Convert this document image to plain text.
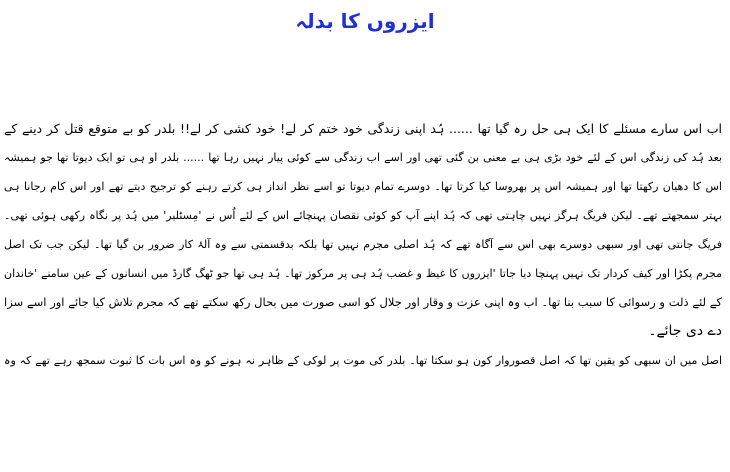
ایزروں کا بدلہ
اب اس سارے مسئلے کا ایک ہی حل رہ گیا تھا ...... ہُد اپنی زندگی خود ختم کر لے! خود کشی کر لے!! بلدر کو بے متوقع قتل کر دینے کے
بعد ہُد کی زندگی اس کے لئے خود بڑی ہی بے معنی بن گئی تھی اور اسے اب زندگی سے کوئی پیار نہیں رہا تھا ...... بلدر او ہی تو ایک دیوتا تھا جو ہمیشہ
اس کا دھیان رکھتا تھا اور ہمیشہ اس پر بھروسا کیا کرتا تھا۔ دوسرے تمام دیوتا تو اسے نظر انداز ہی کرتے رہنے کو ترجیح دیتے تھے اور اس کام رجانا ہی
بہتر سمجھتے تھے۔ لیکن فریگ ہرگز نہیں چاہتی تھی کہ ہُد اپنے آپ کو کوئی نقصان پہنچائے اس کے لئے اُس نے 'مِسٹلیر' میں ہُد پر نگاہ رکھی ہوئی تھی۔
فریگ جانتی تھی اور سبھی دوسرے بھی اس سے آگاہ تھے کہ ہُد اصلی مجرم نہیں تھا بلکہ بدقسمتی سے وہ آلۂ کار ضرور بن گیا تھا۔ لیکن جب تک اصل
مجرم پکڑا اور کیف کردار تک نہیں پہنچا دیا جاتا 'ایزروں کا غیظ و غضب ہُد ہی پر مرکوز تھا۔ ہُد ہی تھا جو ٹھگ گارڈ میں انسانوں کے عین سامنے 'خاندان
کے لئے ذلت و رسوائی کا سبب بنا تھا۔ اب وہ اپنی عزت و وقار اور جلال کو اسی صورت میں بحال رکھ سکتے تھے کہ مجرم تلاش کیا جائے اور اسے سزا
دے دی جائے۔
اصل میں ان سبھی کو یقین تھا کہ اصل قصوروار کون ہو سکتا تھا۔ بلدر کی موت پر لوکی کے ظاہر نہ ہونے کو وہ اس بات کا ثبوت سمجھ رہے تھے کہ وہ
